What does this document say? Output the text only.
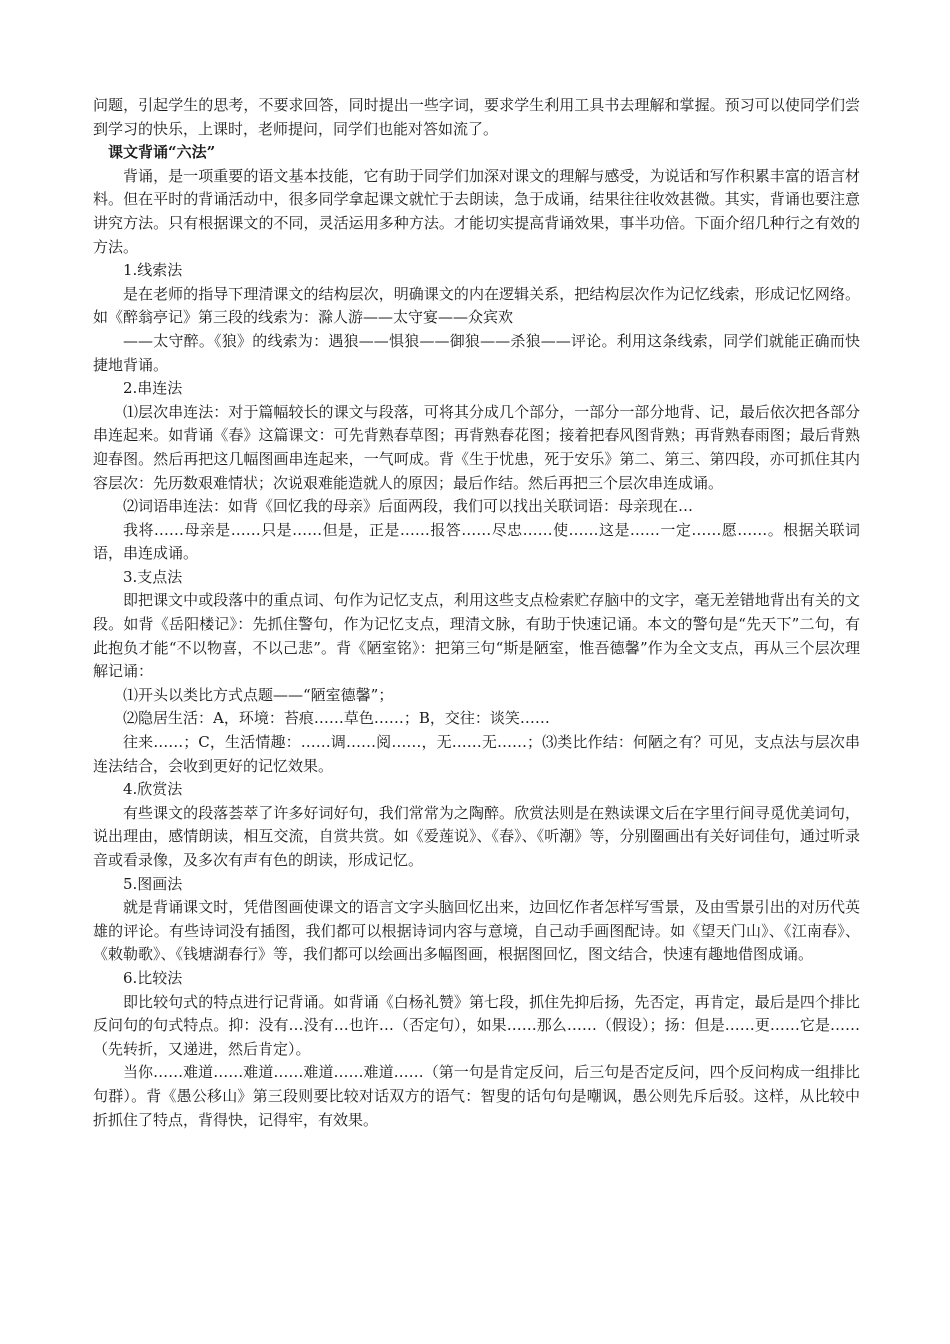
问题，引起学生的思考，不要求回答，同时提出一些字词，要求学生利用工具书去理解和掌握。预习可以使同学们尝到学习的快乐，上课时，老师提问，同学们也能对答如流了。

课文背诵“六法”

背诵，是一项重要的语文基本技能，它有助于同学们加深对课文的理解与感受，为说话和写作积累丰富的语言材料。但在平时的背诵活动中，很多同学拿起课文就忙于去朗读，急于成诵，结果往往收效甚微。其实，背诵也要注意讲究方法。只有根据课文的不同，灵活运用多种方法。才能切实提高背诵效果，事半功倍。下面介绍几种行之有效的方法。

1.线索法

是在老师的指导下理清课文的结构层次，明确课文的内在逻辑关系，把结构层次作为记忆线索，形成记忆网络。如《醉翁亭记》第三段的线索为：滁人游——太守宴——众宾欢

——太守醉。《狼》的线索为：遇狼——惧狼——御狼——杀狼——评论。利用这条线索，同学们就能正确而快捷地背诵。

2.串连法

⑴层次串连法：对于篇幅较长的课文与段落，可将其分成几个部分，一部分一部分地背、记，最后依次把各部分串连起来。如背诵《春》这篇课文：可先背熟春草图；再背熟春花图；接着把春风图背熟；再背熟春雨图；最后背熟迎春图。然后再把这几幅图画串连起来，一气呵成。背《生于忧患，死于安乐》第二、第三、第四段，亦可抓住其内容层次：先历数艰难情状；次说艰难能造就人的原因；最后作结。然后再把三个层次串连成诵。

⑵词语串连法：如背《回忆我的母亲》后面两段，我们可以找出关联词语：母亲现在…

我将……母亲是……只是……但是，正是……报答……尽忠……使……这是……一定……愿……。根据关联词语，串连成诵。

3.支点法

即把课文中或段落中的重点词、句作为记忆支点，利用这些支点检索贮存脑中的文字，毫无差错地背出有关的文段。如背《岳阳楼记》：先抓住警句，作为记忆支点，理清文脉，有助于快速记诵。本文的警句是“先天下”二句，有此抱负才能“不以物喜，不以己悲”。背《陋室铭》：把第三句“斯是陋室，惟吾德馨”作为全文支点，再从三个层次理解记诵：

⑴开头以类比方式点题——“陋室德馨”；

⑵隐居生活：A，环境：苔痕……草色……；B，交往：谈笑……

往来……；C，生活情趣：……调……阅……，无……无……；⑶类比作结：何陋之有？可见，支点法与层次串连法结合，会收到更好的记忆效果。

4.欣赏法

有些课文的段落荟萃了许多好词好句，我们常常为之陶醉。欣赏法则是在熟读课文后在字里行间寻觅优美词句，说出理由，感情朗读，相互交流，自赏共赏。如《爱莲说》、《春》、《听潮》等，分别圈画出有关好词佳句，通过听录音或看录像，及多次有声有色的朗读，形成记忆。

5.图画法

就是背诵课文时，凭借图画使课文的语言文字头脑回忆出来，边回忆作者怎样写雪景，及由雪景引出的对历代英雄的评论。有些诗词没有插图，我们都可以根据诗词内容与意境，自己动手画图配诗。如《望天门山》、《江南春》、《敕勒歌》、《钱塘湖春行》等，我们都可以绘画出多幅图画，根据图回忆，图文结合，快速有趣地借图成诵。

6.比较法

即比较句式的特点进行记背诵。如背诵《白杨礼赞》第七段，抓住先抑后扬，先否定，再肯定，最后是四个排比反问句的句式特点。抑：没有…没有…也许…（否定句），如果……那么……（假设）；扬：但是……更……它是……（先转折，又递进，然后肯定）。

当你……难道……难道……难道……难道……（第一句是肯定反问，后三句是否定反问，四个反问构成一组排比句群）。背《愚公移山》第三段则要比较对话双方的语气：智叟的话句句是嘲讽，愚公则先斥后驳。这样，从比较中折抓住了特点，背得快，记得牢，有效果。
